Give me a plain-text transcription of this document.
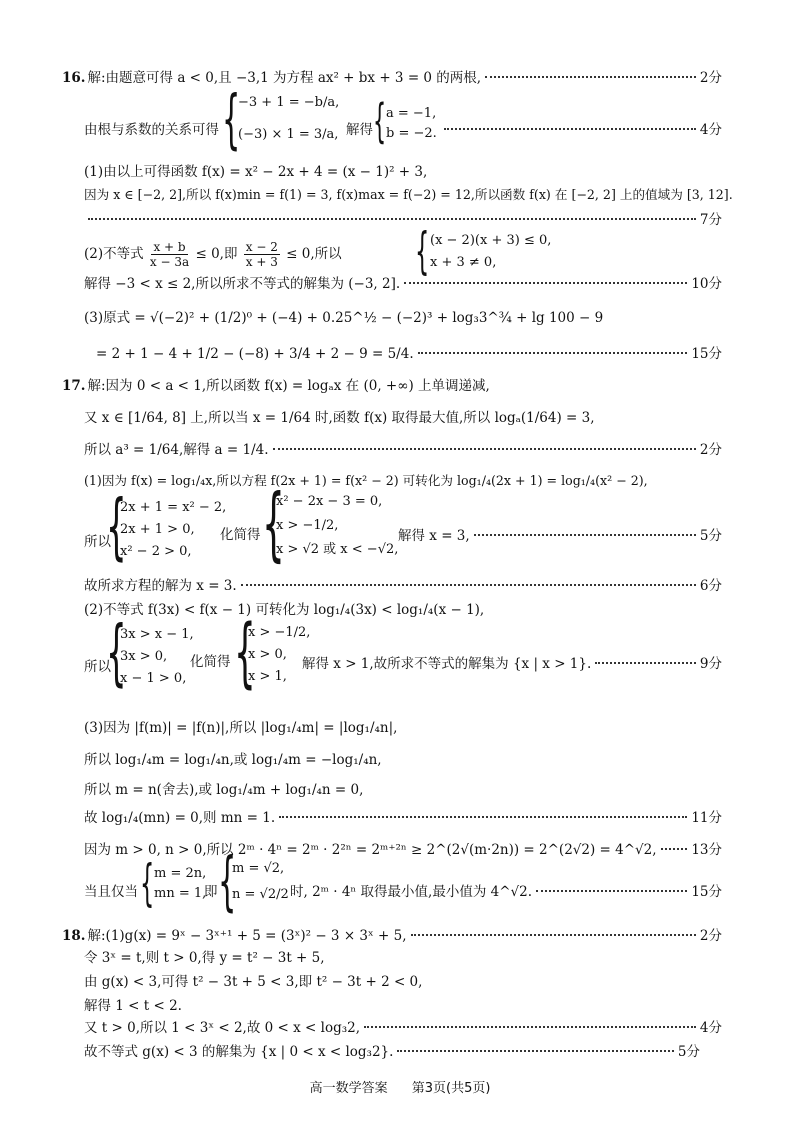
16. 解:由题意可得 a < 0,且 −3,1 为方程 ax² + bx + 3 = 0 的两根,	2分
由根与系数的关系可得 {
−3 + 1 = −b/a,
(−3) × 1 = 3/a, 解得 { a = −1,
b = −2.	4分
(1)由以上可得函数 f(x) = x² − 2x + 4 = (x − 1)² + 3,
因为 x ∈ [−2, 2],所以 f(x)min = f(1) = 3, f(x)max = f(−2) = 12,所以函数 f(x) 在 [−2, 2] 上的值域为 [3, 12].
7分
(2)不等式 $\frac{x + b}{x - 3a} \le 0$,即 $\frac{x - 2}{x + 3} \le 0$,所以 { (x − 2)(x + 3) ≤ 0,
x + 3 ≠ 0,
解得 −3 < x ≤ 2,所以所求不等式的解集为 (−3, 2].	10分
(3)原式 = √(−2)² + (1/2)⁰ + (−4) + 0.25^½ − (−2)³ + log₃3^¾ + lg 100 − 9
= 2 + 1 − 4 + 1/2 − (−8) + 3/4 + 2 − 9 = 5/4.	15分
17. 解:因为 0 < a < 1,所以函数 f(x) = logₐx 在 (0, +∞) 上单调递减,
又 x ∈ [1/64, 8] 上,所以当 x = 1/64 时,函数 f(x) 取得最大值,所以 logₐ(1/64) = 3,
所以 a³ = 1/64,解得 a = 1/4.	2分
(1)因为 f(x) = log₁/₄x,所以方程 f(2x + 1) = f(x² − 2) 可转化为 log₁/₄(2x + 1) = log₁/₄(x² − 2),
所以
{
2x + 1 = x² − 2,
2x + 1 > 0,
x² − 2 > 0,
化简得 {
x² − 2x − 3 = 0,
x > −1/2,
x > √2 或 x < −√2,
解得 x = 3,	5分
故所求方程的解为 x = 3.	6分
(2)不等式 f(3x) < f(x − 1) 可转化为 log₁/₄(3x) < log₁/₄(x − 1),
所以
{
3x > x − 1,
3x > 0,
x − 1 > 0,
化简得 {
x > −1/2,
x > 0,
x > 1,
解得 x > 1,故所求不等式的解集为 {x | x > 1}.	9分
(3)因为 |f(m)| = |f(n)|,所以 |log₁/₄m| = |log₁/₄n|,
所以 log₁/₄m = log₁/₄n,或 log₁/₄m = −log₁/₄n,
所以 m = n(舍去),或 log₁/₄m + log₁/₄n = 0,
故 log₁/₄(mn) = 0,则 mn = 1.	11分
因为 m > 0, n > 0,所以 2ᵐ · 4ⁿ = 2ᵐ · 2²ⁿ = 2ᵐ⁺²ⁿ ≥ 2^(2√(m·2n)) = 2^(2√2) = 4^√2,	13分
当且仅当 { m = 2n,
mn = 1,
即 {
m = √2,
n = √2/2 时, 2ᵐ · 4ⁿ 取得最小值,最小值为 4^√2.	15分
18. 解:(1)g(x) = 9ˣ − 3ˣ⁺¹ + 5 = (3ˣ)² − 3 × 3ˣ + 5,	2分
令 3ˣ = t,则 t > 0,得 y = t² − 3t + 5,
由 g(x) < 3,可得 t² − 3t + 5 < 3,即 t² − 3t + 2 < 0,
解得 1 < t < 2.
又 t > 0,所以 1 < 3ˣ < 2,故 0 < x < log₃2,	4分
故不等式 g(x) < 3 的解集为 {x | 0 < x < log₃2}.	5分
高一数学答案 第3页(共5页)
